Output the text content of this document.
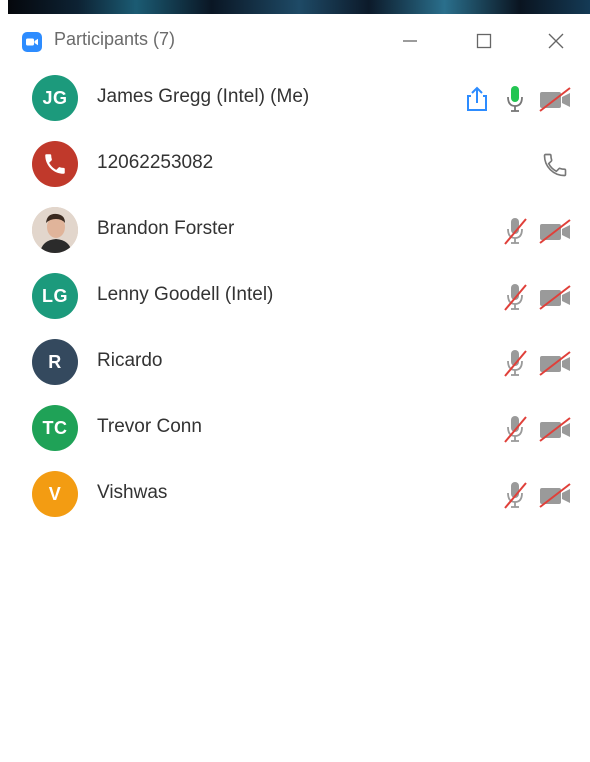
Participants (7)
JG James Gregg (Intel) (Me)
12062253082
Brandon Forster
LG Lenny Goodell (Intel)
R Ricardo
TC Trevor Conn
V Vishwas
